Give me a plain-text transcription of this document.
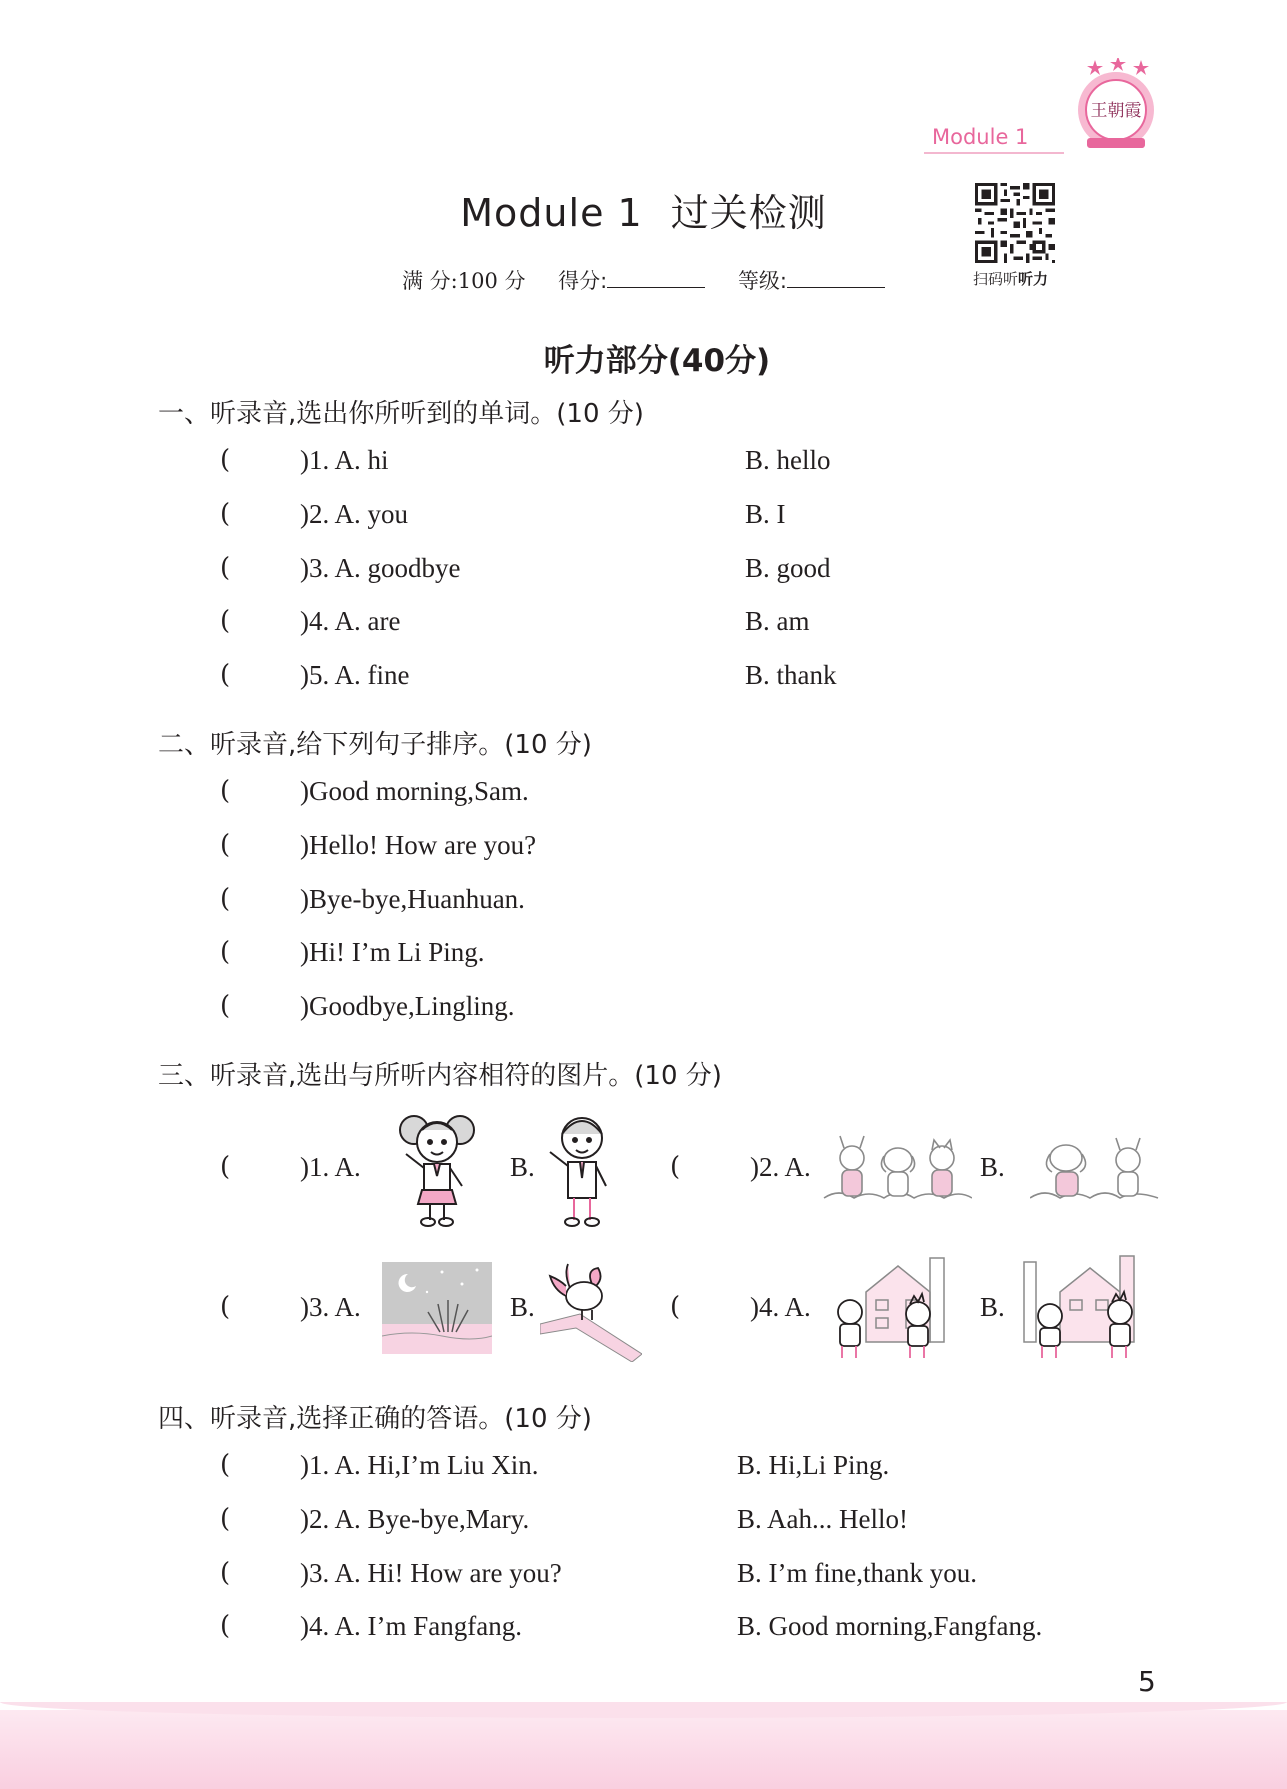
Module 1
王朝霞
Module 1 过关检测
扫码听听力
满 分:100 分 得分:	等级:
听力部分(40分)
一、听录音,选出你所听到的单词。(10 分)
(	)1. A. hi	B. hello
(	)2. A. you	B. I
(	)3. A. goodbye	B. good
(	)4. A. are	B. am
(	)5. A. fine	B. thank
二、听录音,给下列句子排序。(10 分)
(	)Good morning,Sam.
(	)Hello! How are you?
(	)Bye-bye,Huanhuan.
(	)Hi! I’m Li Ping.
(	)Goodbye,Lingling.
三、听录音,选出与所听内容相符的图片。(10 分)
(	)1. A.	B.	(	)2. A.	B.
(	)3. A.	B.	(	)4. A.	B.
四、听录音,选择正确的答语。(10 分)
(	)1. A. Hi,I’m Liu Xin.	B. Hi,Li Ping.
(	)2. A. Bye-bye,Mary.	B. Aah... Hello!
(	)3. A. Hi! How are you?	B. I’m fine,thank you.
(	)4. A. I’m Fangfang.	B. Good morning,Fangfang.
5
